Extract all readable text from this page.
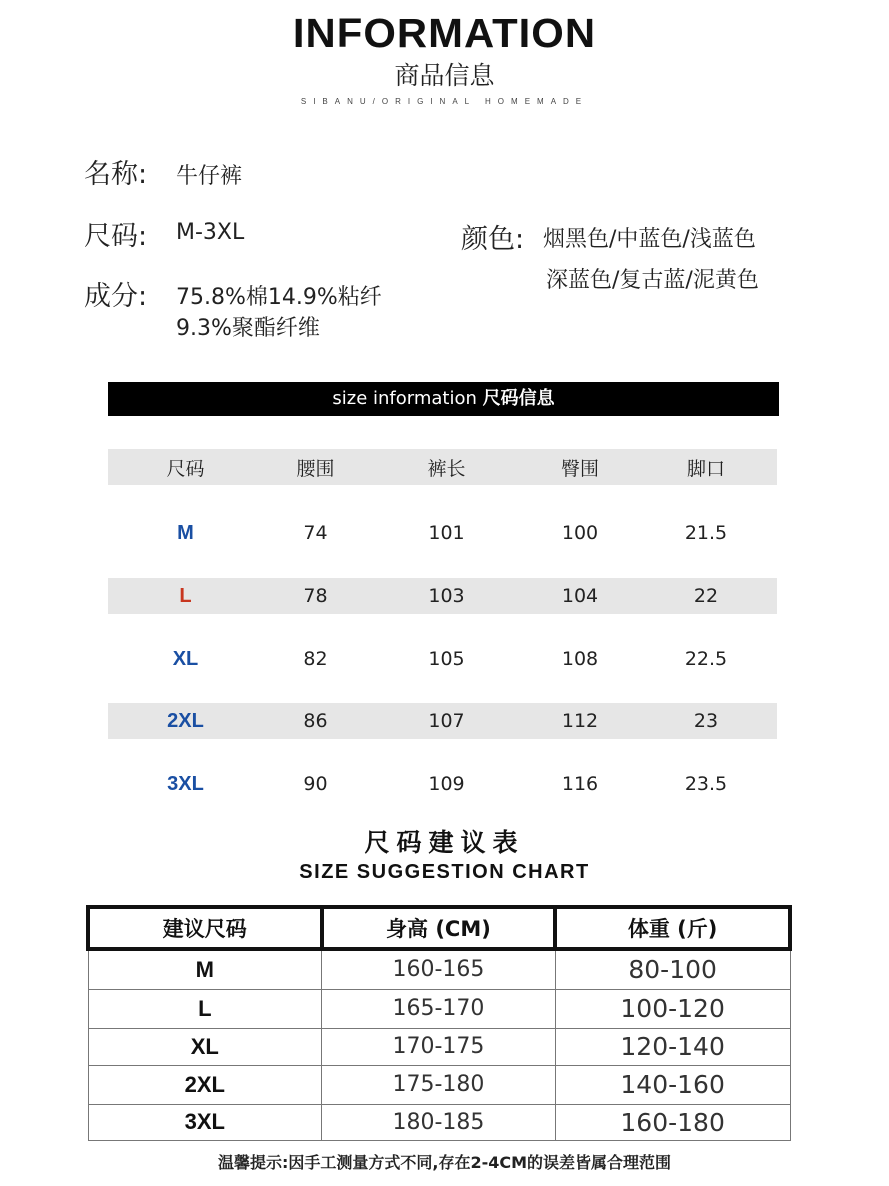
INFORMATION
商品信息
SIBANU/ORIGINAL HOMEMADE
名称: 牛仔裤
尺码: M-3XL
成分: 75.8%棉14.9%粘纤
9.3%聚酯纤维
颜色: 烟黑色/中蓝色/浅蓝色
深蓝色/复古蓝/泥黄色
size information 尺码信息
尺码	腰围	裤长	臀围	脚口
M	74	101	100	21.5
L	78	103	104	22
XL	82	105	108	22.5
2XL	86	107	112	23
3XL	90	109	116	23.5
尺码建议表
SIZE SUGGESTION CHART
建议尺码	身高 (CM)	体重 (斤)
M	160-165	80-100
L	165-170	100-120
XL	170-175	120-140
2XL	175-180	140-160
3XL	180-185	160-180
温馨提示:因手工测量方式不同,存在2-4CM的误差皆属合理范围
